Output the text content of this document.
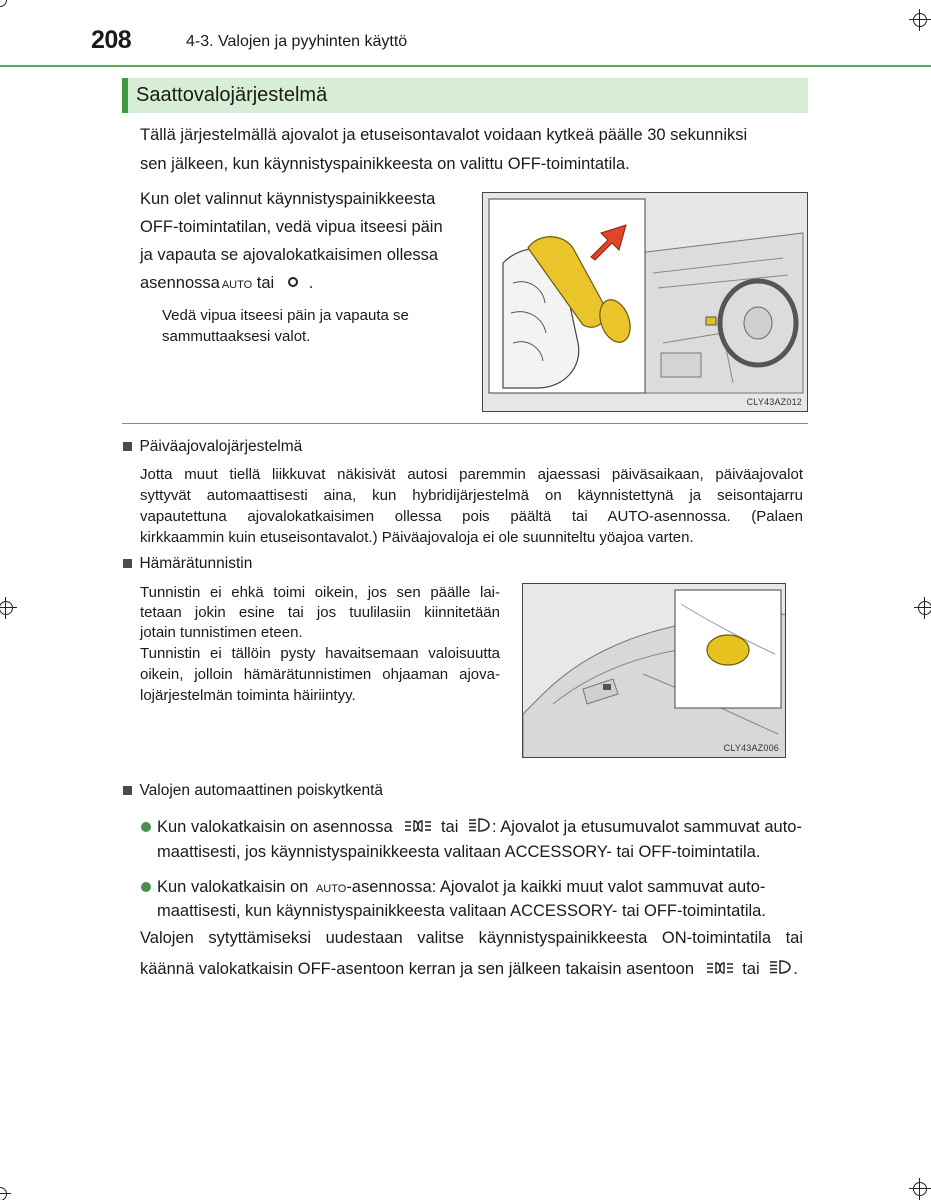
208	4-3. Valojen ja pyyhinten käyttö
Saattovalojärjestelmä
Tällä järjestelmällä ajovalot ja etuseisontavalot voidaan kytkeä päälle 30 sekunniksi
sen jälkeen, kun käynnistyspainikkeesta on valittu OFF-toimintatila.
Kun olet valinnut käynnistyspainikkeesta
OFF-toimintatilan, vedä vipua itseesi päin
ja vapauta se ajovalokatkaisimen ollessa
asennossa AUTO tai .
Vedä vipua itseesi päin ja vapauta se
sammuttaaksesi valot.
CLY43AZ012
Päiväajovalojärjestelmä
Jotta muut tiellä liikkuvat näkisivät autosi paremmin ajaessasi päiväsaikaan, päiväajovalot
syttyvät automaattisesti aina, kun hybridijärjestelmä on käynnistettynä ja seisontajarru
vapautettuna ajovalokatkaisimen ollessa pois päältä tai AUTO-asennossa. (Palaen
kirkkaammin kuin etuseisontavalot.) Päiväajovaloja ei ole suunniteltu yöajoa varten.
Hämärätunnistin
Tunnistin ei ehkä toimi oikein, jos sen päälle lai-
tetaan jokin esine tai jos tuulilasiin kiinnitetään
jotain tunnistimen eteen.
Tunnistin ei tällöin pysty havaitsemaan valoisuutta
oikein, jolloin hämärätunnistimen ohjaaman ajova-
lojärjestelmän toiminta häiriintyy.
CLY43AZ006
Valojen automaattinen poiskytkentä
Kun valokatkaisin on asennossa	tai : Ajovalot ja etusumuvalot sammuvat auto-
maattisesti, jos käynnistyspainikkeesta valitaan ACCESSORY- tai OFF-toimintatila.
Kun valokatkaisin on AUTO-asennossa: Ajovalot ja kaikki muut valot sammuvat auto-
maattisesti, kun käynnistyspainikkeesta valitaan ACCESSORY- tai OFF-toimintatila.
Valojen sytyttämiseksi uudestaan valitse käynnistyspainikkeesta ON-toimintatila tai
käännä valokatkaisin OFF-asentoon kerran ja sen jälkeen takaisin asentoon	tai .
